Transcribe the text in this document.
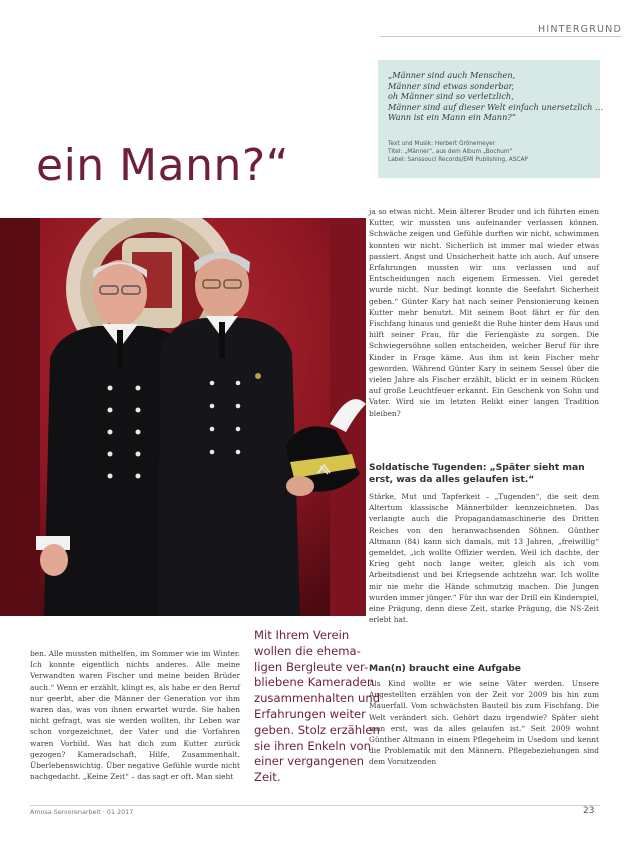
HINTERGRUND
ein Mann?“
„Männer sind auch Menschen,
Männer sind etwas sonderbar,
oh Männer sind so verletzlich,
Männer sind auf dieser Welt einfach unersetzlich …
Wann ist ein Mann ein Mann?“
Text und Musik: Herbert Grönemeyer
Titel: „Männer“, aus dem Album „Bochum“
Label: Sanssouci Records/EMI Publishing, ASCAP

ja so etwas nicht. Mein älterer Bruder und ich führten einen Kutter, wir mussten uns aufeinander verlassen können. Schwäche zeigen und Gefühle durften wir nicht, schwimmen konnten wir nicht. Sicherlich ist immer mal wieder etwas passiert. Angst und Unsicherheit hatte ich auch. Auf unsere Erfahrungen mussten wir uns verlassen und auf Entscheidungen nach eigenem Ermessen. Viel geredet wurde nicht. Nur bedingt konnte die Seefahrt Sicherheit geben.“ Günter Kary hat nach seiner Pensionierung keinen Kutter mehr benutzt. Mit seinem Boot fährt er für den Fischfang hinaus und genießt die Ruhe hinter dem Haus und hilft seiner Frau, für die Feriengäste zu sorgen. Die Schwiegersöhne sollen entscheiden, welcher Beruf für ihre Kinder in Frage käme. Aus ihm ist kein Fischer mehr geworden. Während Günter Kary in seinem Sessel über die vielen Jahre als Fischer erzählt, blickt er in seinem Rücken auf große Leuchtfeuer erkannt. Ein Geschenk von Sohn und Vater. Wird sie im letzten Relikt einer langen Tradition bleiben?

Soldatische Tugenden: „Später sieht man erst, was da alles gelaufen ist.“

Stärke, Mut und Tapferkeit – „Tugenden“, die seit dem Altertum klassische Männerbilder kennzeichneten. Das verlangte auch die Propagandamaschinerie des Dritten Reiches von den heranwachsenden Söhnen. Günther Altmann (84) kann sich damals, mit 13 Jahren, „freiwillig“ gemeldet, „ich wollte Offizier werden. Weil ich dachte, der Krieg geht noch lange weiter, gleich als ich vom Arbeitsdienst und bei Kriegsende achtzehn war. Ich wollte mir nie mehr die Hände schmutzig machen. Die Jungen wurden immer jünger.“ Für ihn war der Drill ein Kinderspiel, eine Prägung, denn diese Zeit, starke Prägung, die NS-Zeit erlebt hat.

Man(n) braucht eine Aufgabe

Als Kind wollte er wie seine Väter werden. Unsere Angestellten erzählen von der Zeit vor 2009 bis hin zum Mauerfall. Vom schwächsten Bauteil bis zum Fischfang. Die Welt verändert sich. Gehört dazu irgendwie? Später sieht man erst, was da alles gelaufen ist.“ Seit 2009 wohnt Günther Altmann in einem Pflegeheim in Usedom und kennt die Problematik mit den Männern. Pflegebeziehungen sind dem Vorsitzenden

ben. Alle mussten mithelfen, im Sommer wie im Winter. Ich konnte eigentlich nichts anderes. Alle meine Verwandten waren Fischer und meine beiden Brüder auch.“ Wenn er erzählt, klingt es, als habe er den Beruf nur geerbt, aber die Männer der Generation vor ihm waren das, was von ihnen erwartet wurde. Sie haben nicht gefragt, was sie werden wollten, ihr Leben war schon vorgezeichnet, der Vater und die Vorfahren waren Vorbild. Was hat dich zum Kutter zurück gezogen? Kameradschaft, Hilfe, Zusammenhalt. Überlebenswichtig. Über negative Gefühle wurde nicht nachgedacht. „Keine Zeit“ – das sagt er oft. Man sieht

Mit Ihrem Verein
wollen die ehema-
ligen Bergleute ver-
bliebene Kameraden
zusammenhalten und
Erfahrungen weiter
geben. Stolz erzählen
sie ihren Enkeln von
einer vergangenen
Zeit.
Amosa Seniorenarbeit · 01 2017	23
